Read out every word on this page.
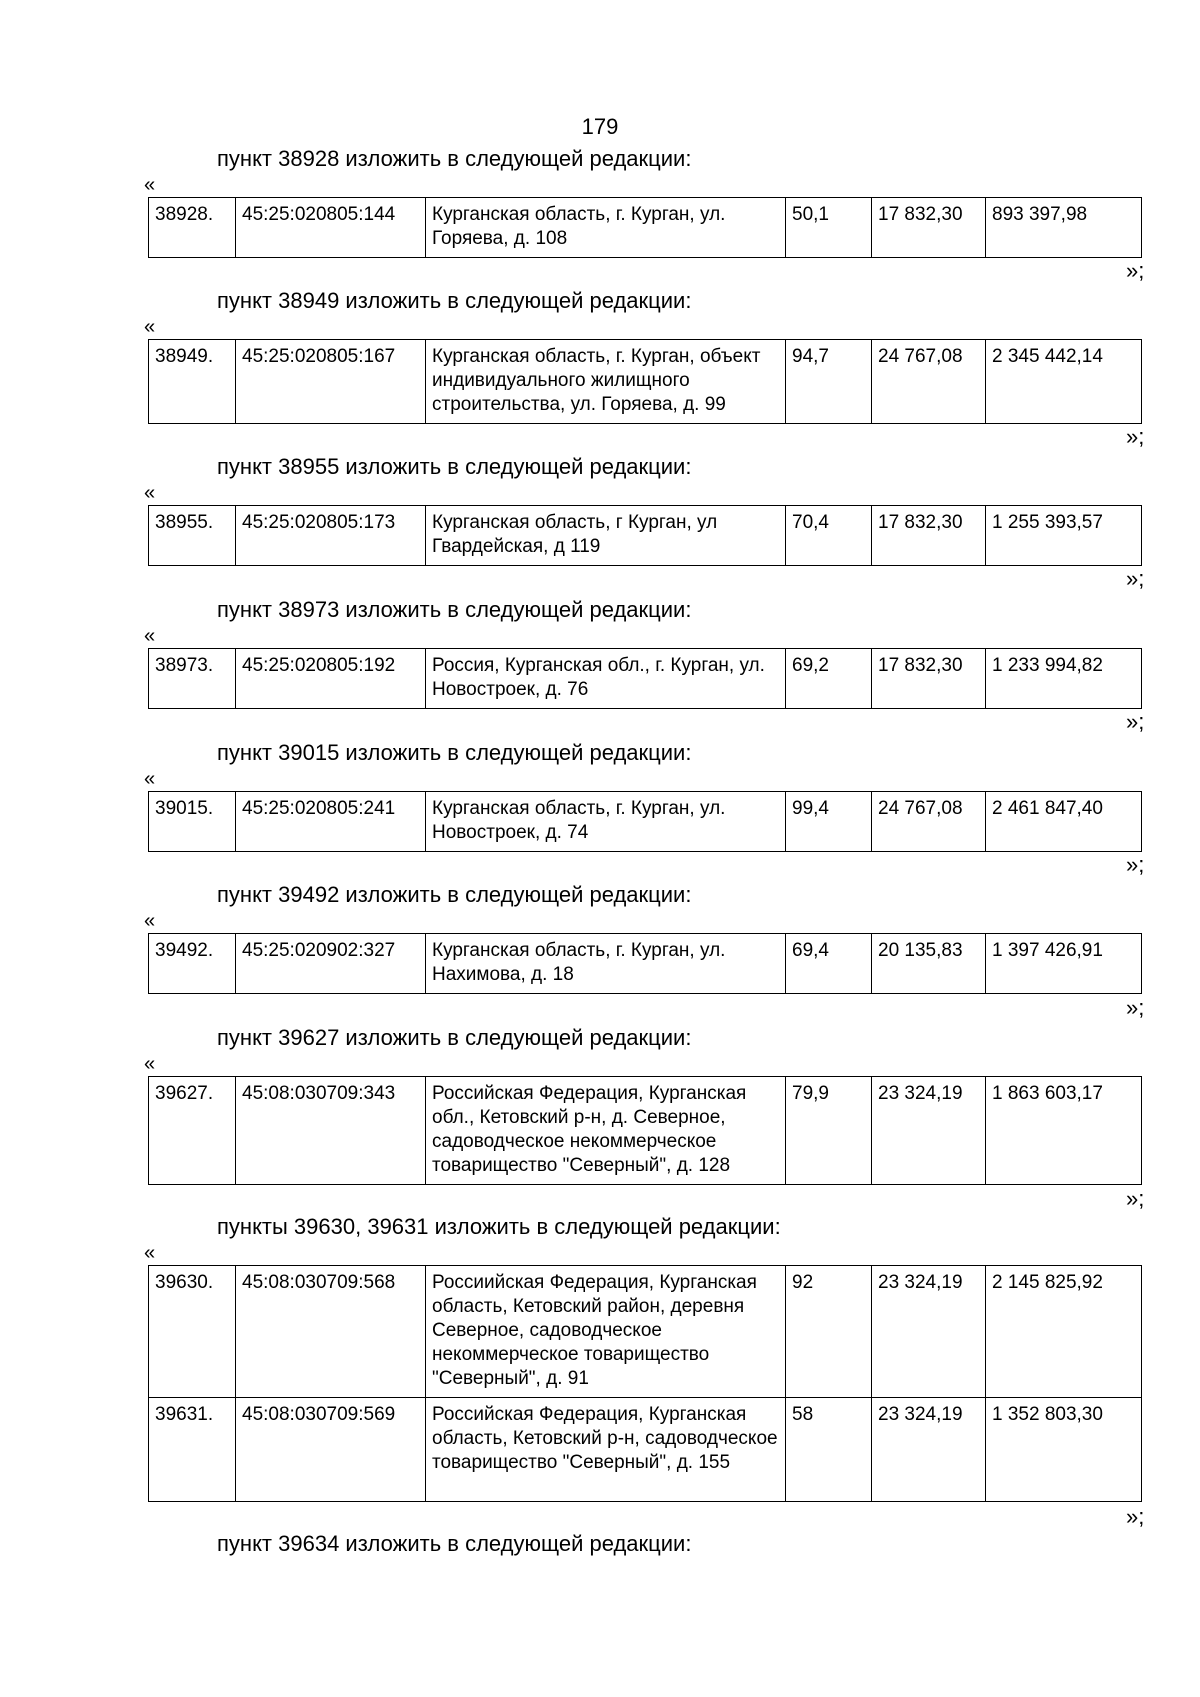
179
пункт 38928 изложить в следующей редакции:
«
38928.	45:25:020805:144	Курганская область, г. Курган, ул. Горяева, д. 108	50,1	17 832,30	893 397,98
»;
пункт 38949 изложить в следующей редакции:
«
38949.	45:25:020805:167	Курганская область, г. Курган, объект индивидуального жилищного строительства, ул. Горяева, д. 99	94,7	24 767,08	2 345 442,14
»;
пункт 38955 изложить в следующей редакции:
«
38955.	45:25:020805:173	Курганская область, г Курган, ул Гвардейская, д 119	70,4	17 832,30	1 255 393,57
»;
пункт 38973 изложить в следующей редакции:
«
38973.	45:25:020805:192	Россия, Курганская обл., г. Курган, ул. Новостроек, д. 76	69,2	17 832,30	1 233 994,82
»;
пункт 39015 изложить в следующей редакции:
«
39015.	45:25:020805:241	Курганская область, г. Курган, ул. Новостроек, д. 74	99,4	24 767,08	2 461 847,40
»;
пункт 39492 изложить в следующей редакции:
«
39492.	45:25:020902:327	Курганская область, г. Курган, ул. Нахимова, д. 18	69,4	20 135,83	1 397 426,91
»;
пункт 39627 изложить в следующей редакции:
«
39627.	45:08:030709:343	Российская Федерация, Курганская обл., Кетовский р-н, д. Северное, садоводческое некоммерческое товарищество "Северный", д. 128	79,9	23 324,19	1 863 603,17
»;
пункты 39630, 39631 изложить в следующей редакции:
«
39630.	45:08:030709:568	Россиийская Федерация, Курганская область, Кетовский район, деревня Северное, садоводческое некоммерческое товарищество "Северный", д. 91	92	23 324,19	2 145 825,92
39631.	45:08:030709:569	Российская Федерация, Курганская область, Кетовский р-н, садоводческое товарищество "Северный", д. 155	58	23 324,19	1 352 803,30
»;
пункт 39634 изложить в следующей редакции:
